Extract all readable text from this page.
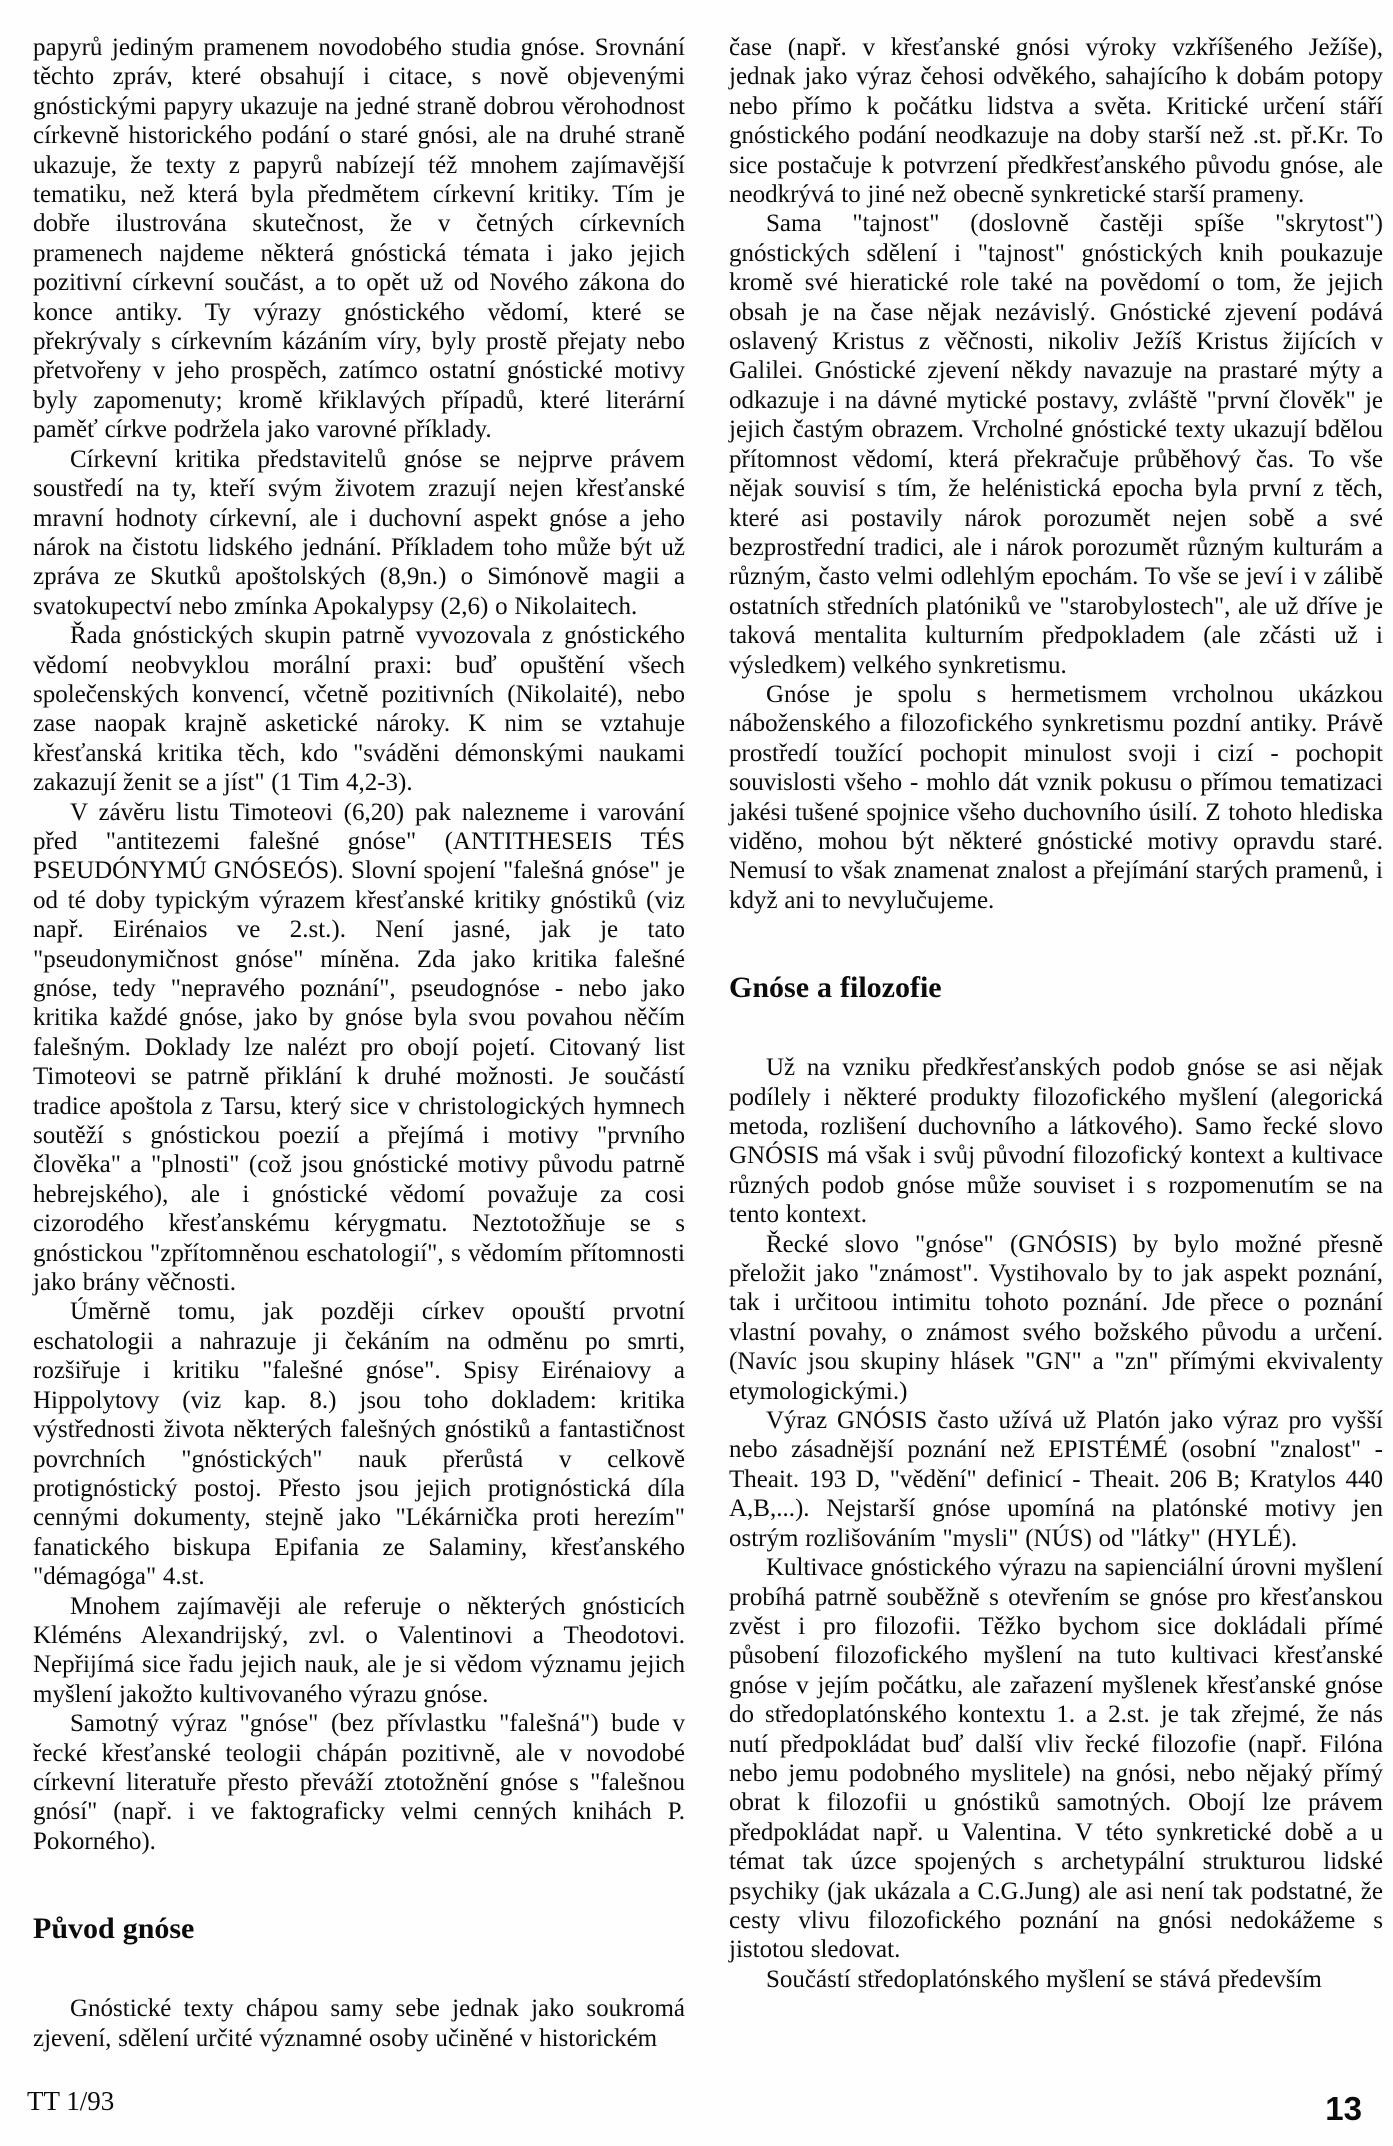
papyrů jediným pramenem novodobého studia gnóse. Srovnání těchto zpráv, které obsahují i citace, s nově objevenými gnóstickými papyry ukazuje na jedné straně dobrou věrohodnost církevně historického podání o staré gnósi, ale na druhé straně ukazuje, že texty z papyrů nabízejí též mnohem zajímavější tematiku, než která byla předmětem církevní kritiky. Tím je dobře ilustrována skutečnost, že v četných církevních pramenech najdeme některá gnóstická témata i jako jejich pozitivní církevní součást, a to opět už od Nového zákona do konce antiky. Ty výrazy gnóstického vědomí, které se překrývaly s církevním kázáním víry, byly prostě přejaty nebo přetvořeny v jeho prospěch, zatímco ostatní gnóstické motivy byly zapomenuty; kromě křiklavých případů, které literární paměť církve podržela jako varovné příklady.

Církevní kritika představitelů gnóse se nejprve právem soustředí na ty, kteří svým životem zrazují nejen křesťanské mravní hodnoty církevní, ale i duchovní aspekt gnóse a jeho nárok na čistotu lidského jednání. Příkladem toho může být už zpráva ze Skutků apoštolských (8,9n.) o Simónově magii a svatokupectví nebo zmínka Apokalypsy (2,6) o Nikolaitech.

Řada gnóstických skupin patrně vyvozovala z gnóstického vědomí neobvyklou morální praxi: buď opuštění všech společenských konvencí, včetně pozitivních (Nikolaité), nebo zase naopak krajně asketické nároky. K nim se vztahuje křesťanská kritika těch, kdo "sváděni démonskými naukami zakazují ženit se a jíst" (1 Tim 4,2-3).

V závěru listu Timoteovi (6,20) pak nalezneme i varování před "antitezemi falešné gnóse" (ANTITHESEIS TÉS PSEUDÓNYMÚ GNÓSEÓS). Slovní spojení "falešná gnóse" je od té doby typickým výrazem křesťanské kritiky gnóstiků (viz např. Eirénaios ve 2.st.). Není jasné, jak je tato "pseudonymičnost gnóse" míněna. Zda jako kritika falešné gnóse, tedy "nepravého poznání", pseudognóse - nebo jako kritika každé gnóse, jako by gnóse byla svou povahou něčím falešným. Doklady lze nalézt pro obojí pojetí. Citovaný list Timoteovi se patrně přiklání k druhé možnosti. Je součástí tradice apoštola z Tarsu, který sice v christologických hymnech soutěží s gnóstickou poezií a přejímá i motivy "prvního člověka" a "plnosti" (což jsou gnóstické motivy původu patrně hebrejského), ale i gnóstické vědomí považuje za cosi cizorodého křesťanskému kérygmatu. Neztotožňuje se s gnóstickou "zpřítomněnou eschatologií", s vědomím přítomnosti jako brány věčnosti.

Úměrně tomu, jak později církev opouští prvotní eschatologii a nahrazuje ji čekáním na odměnu po smrti, rozšiřuje i kritiku "falešné gnóse". Spisy Eirénaiovy a Hippolytovy (viz kap. 8.) jsou toho dokladem: kritika výstřednosti života některých falešných gnóstiků a fantastičnost povrchních "gnóstických" nauk přerůstá v celkově protignóstický postoj. Přesto jsou jejich protignóstická díla cennými dokumenty, stejně jako "Lékárnička proti herezím" fanatického biskupa Epifania ze Salaminy, křesťanského "démagóga" 4.st.

Mnohem zajímavěji ale referuje o některých gnósticích Kléméns Alexandrijský, zvl. o Valentinovi a Theodotovi. Nepřijímá sice řadu jejich nauk, ale je si vědom významu jejich myšlení jakožto kultivovaného výrazu gnóse.

Samotný výraz "gnóse" (bez přívlastku "falešná") bude v řecké křesťanské teologii chápán pozitivně, ale v novodobé církevní literatuře přesto převáží ztotožnění gnóse s "falešnou gnósí" (např. i ve faktograficky velmi cenných knihách P. Pokorného).

Původ gnóse

Gnóstické texty chápou samy sebe jednak jako soukromá zjevení, sdělení určité významné osoby učiněné v historickém

čase (např. v křesťanské gnósi výroky vzkříšeného Ježíše), jednak jako výraz čehosi odvěkého, sahajícího k dobám potopy nebo přímo k počátku lidstva a světa. Kritické určení stáří gnóstického podání neodkazuje na doby starší než .st. př.Kr. To sice postačuje k potvrzení předkřesťanského původu gnóse, ale neodkrývá to jiné než obecně synkretické starší prameny.

Sama "tajnost" (doslovně častěji spíše "skrytost") gnóstických sdělení i "tajnost" gnóstických knih poukazuje kromě své hieratické role také na povědomí o tom, že jejich obsah je na čase nějak nezávislý. Gnóstické zjevení podává oslavený Kristus z věčnosti, nikoliv Ježíš Kristus žijících v Galilei. Gnóstické zjevení někdy navazuje na prastaré mýty a odkazuje i na dávné mytické postavy, zvláště "první člověk" je jejich častým obrazem. Vrcholné gnóstické texty ukazují bdělou přítomnost vědomí, která překračuje průběhový čas. To vše nějak souvisí s tím, že helénistická epocha byla první z těch, které asi postavily nárok porozumět nejen sobě a své bezprostřední tradici, ale i nárok porozumět různým kulturám a různým, často velmi odlehlým epochám. To vše se jeví i v zálibě ostatních středních platóniků ve "starobylostech", ale už dříve je taková mentalita kulturním předpokladem (ale zčásti už i výsledkem) velkého synkretismu.

Gnóse je spolu s hermetismem vrcholnou ukázkou náboženského a filozofického synkretismu pozdní antiky. Právě prostředí toužící pochopit minulost svoji i cizí - pochopit souvislosti všeho - mohlo dát vznik pokusu o přímou tematizaci jakési tušené spojnice všeho duchovního úsilí. Z tohoto hlediska viděno, mohou být některé gnóstické motivy opravdu staré. Nemusí to však znamenat znalost a přejímání starých pramenů, i když ani to nevylučujeme.

Gnóse a filozofie

Už na vzniku předkřesťanských podob gnóse se asi nějak podílely i některé produkty filozofického myšlení (alegorická metoda, rozlišení duchovního a látkového). Samo řecké slovo GNÓSIS má však i svůj původní filozofický kontext a kultivace různých podob gnóse může souviset i s rozpomenutím se na tento kontext.

Řecké slovo "gnóse" (GNÓSIS) by bylo možné přesně přeložit jako "známost". Vystihovalo by to jak aspekt poznání, tak i určitoou intimitu tohoto poznání. Jde přece o poznání vlastní povahy, o známost svého božského původu a určení. (Navíc jsou skupiny hlásek "GN" a "zn" přímými ekvivalenty etymologickými.)

Výraz GNÓSIS často užívá už Platón jako výraz pro vyšší nebo zásadnější poznání než EPISTÉMÉ (osobní "znalost" - Theait. 193 D, "vědění" definicí - Theait. 206 B; Kratylos 440 A,B,...). Nejstarší gnóse upomíná na platónské motivy jen ostrým rozlišováním "mysli" (NÚS) od "látky" (HYLÉ).

Kultivace gnóstického výrazu na sapienciální úrovni myšlení probíhá patrně souběžně s otevřením se gnóse pro křesťanskou zvěst i pro filozofii. Těžko bychom sice dokládali přímé působení filozofického myšlení na tuto kultivaci křesťanské gnóse v jejím počátku, ale zařazení myšlenek křesťanské gnóse do středoplatónského kontextu 1. a 2.st. je tak zřejmé, že nás nutí předpokládat buď další vliv řecké filozofie (např. Filóna nebo jemu podobného myslitele) na gnósi, nebo nějaký přímý obrat k filozofii u gnóstiků samotných. Obojí lze právem předpokládat např. u Valentina. V této synkretické době a u témat tak úzce spojených s archetypální strukturou lidské psychiky (jak ukázala a C.G.Jung) ale asi není tak podstatné, že cesty vlivu filozofického poznání na gnósi nedokážeme s jistotou sledovat.

Součástí středoplatónského myšlení se stává především

TT 1/93	13
